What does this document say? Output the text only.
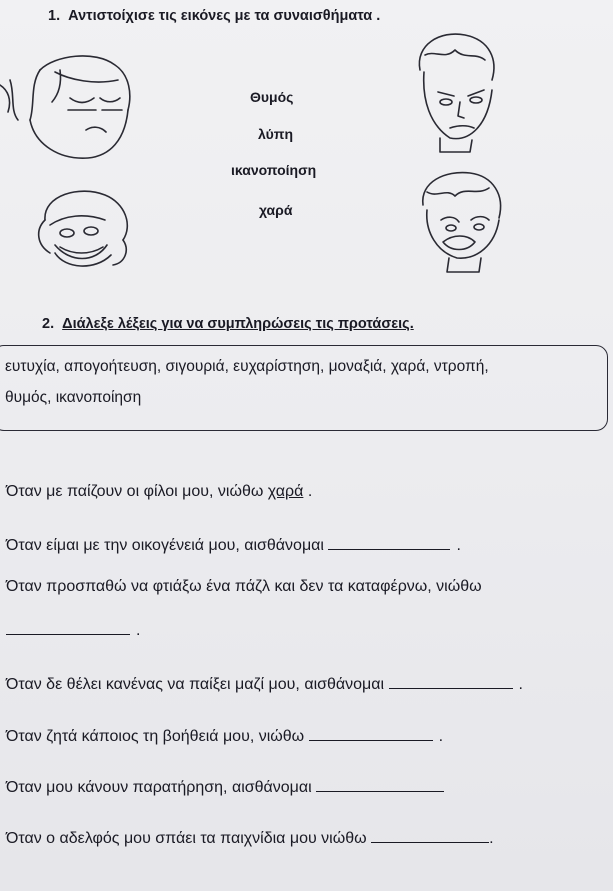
1. Αντιστοίχισε τις εικόνες με τα συναισθήματα .
Θυμός
λύπη
ικανοποίηση
χαρά
2. Διάλεξε λέξεις για να συμπληρώσεις τις προτάσεις.
ευτυχία, απογοήτευση, σιγουριά, ευχαρίστηση, μοναξιά, χαρά, ντροπή,
θυμός, ικανοποίηση
Όταν με παίζουν οι φίλοι μου, νιώθω χαρά .
Όταν είμαι με την οικογένειά μου, αισθάνομαι	.
Όταν προσπαθώ να φτιάξω ένα πάζλ και δεν τα καταφέρνω, νιώθω
.
Όταν δε θέλει κανένας να παίξει μαζί μου, αισθάνομαι	.
Όταν ζητά κάποιος τη βοήθειά μου, νιώθω	.
Όταν μου κάνουν παρατήρηση, αισθάνομαι
Όταν ο αδελφός μου σπάει τα παιχνίδια μου νιώθω	.
